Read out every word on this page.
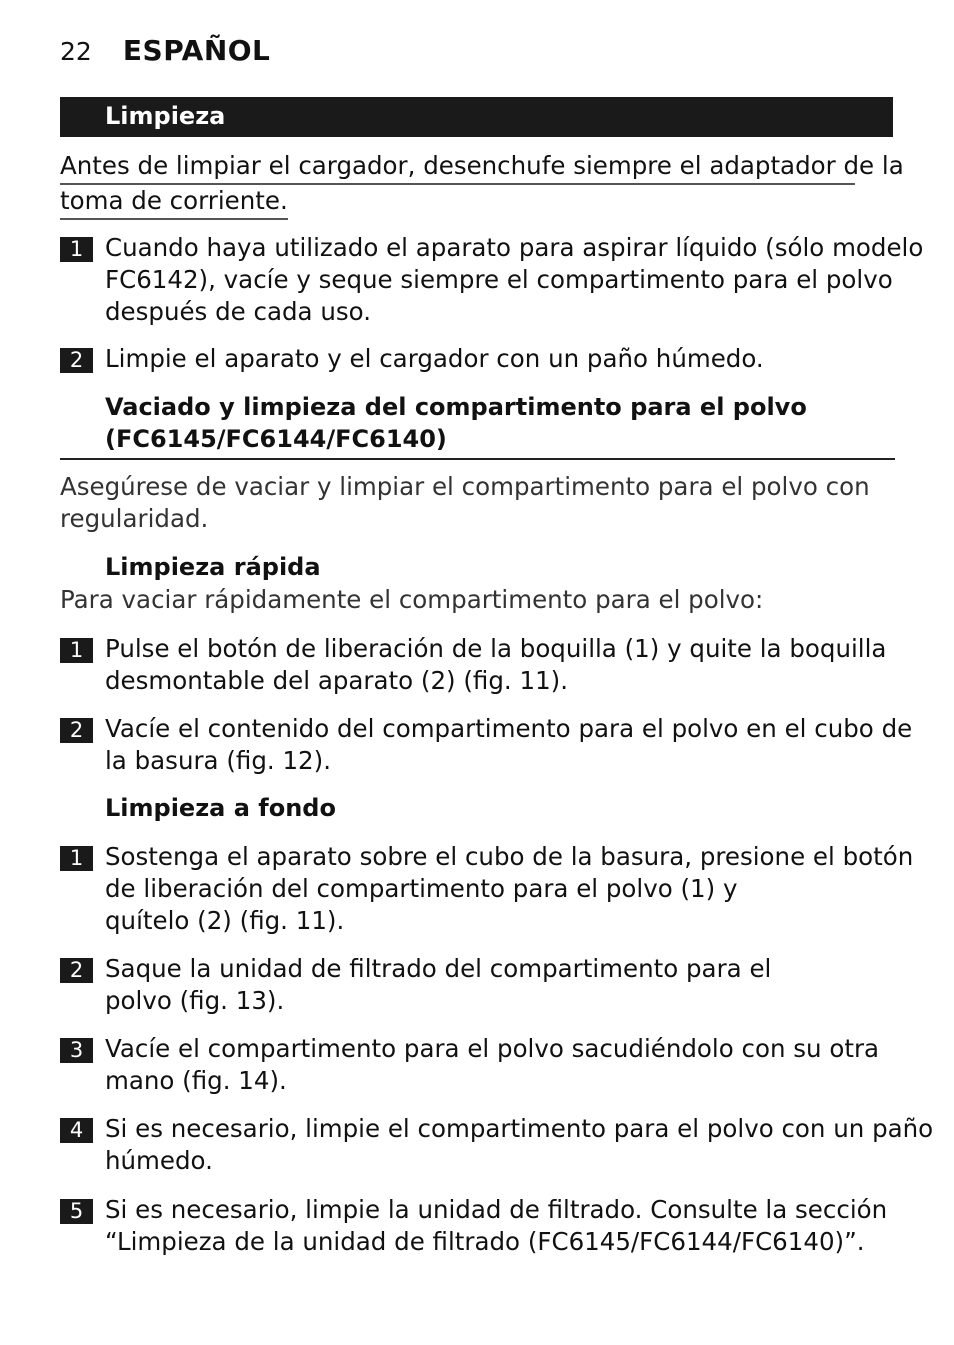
22 ESPAÑOL
Limpieza
Antes de limpiar el cargador, desenchufe siempre el adaptador de la
toma de corriente.
1 Cuando haya utilizado el aparato para aspirar líquido (sólo modelo
FC6142), vacíe y seque siempre el compartimento para el polvo
después de cada uso.
2 Limpie el aparato y el cargador con un paño húmedo.
Vaciado y limpieza del compartimento para el polvo
(FC6145/FC6144/FC6140)
Asegúrese de vaciar y limpiar el compartimento para el polvo con
regularidad.
Limpieza rápida
Para vaciar rápidamente el compartimento para el polvo:
1 Pulse el botón de liberación de la boquilla (1) y quite la boquilla
desmontable del aparato (2) (fig. 11).
2 Vacíe el contenido del compartimento para el polvo en el cubo de
la basura (fig. 12).
Limpieza a fondo
1 Sostenga el aparato sobre el cubo de la basura, presione el botón
de liberación del compartimento para el polvo (1) y
quítelo (2) (fig. 11).
2 Saque la unidad de filtrado del compartimento para el
polvo (fig. 13).
3 Vacíe el compartimento para el polvo sacudiéndolo con su otra
mano (fig. 14).
4 Si es necesario, limpie el compartimento para el polvo con un paño
húmedo.
5 Si es necesario, limpie la unidad de filtrado. Consulte la sección
“Limpieza de la unidad de filtrado (FC6145/FC6144/FC6140)”.
